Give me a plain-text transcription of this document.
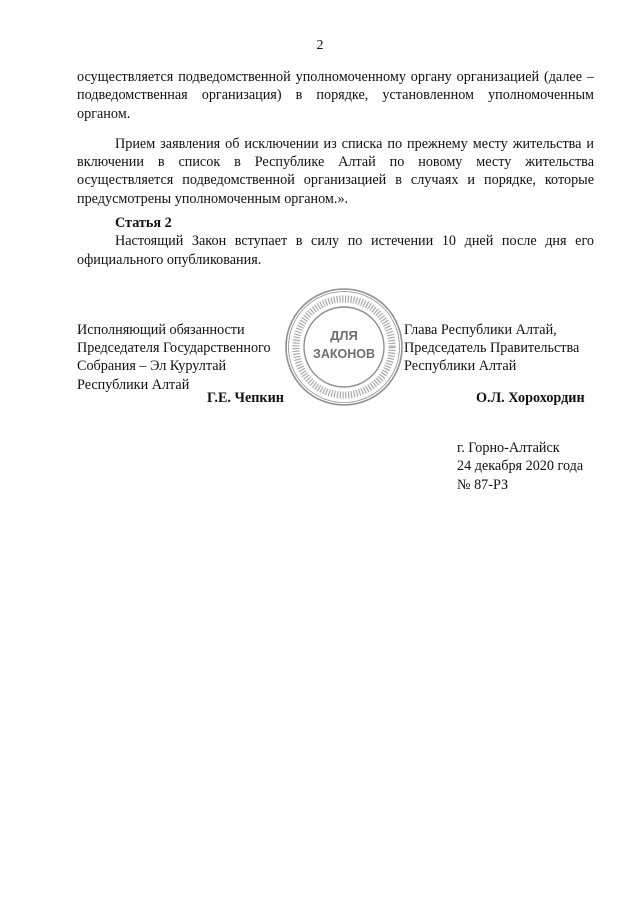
2

осуществляется подведомственной уполномоченному органу организацией (далее – подведомственная организация) в порядке, установленном уполномоченным органом.

Прием заявления об исключении из списка по прежнему месту жительства и включении в список в Республике Алтай по новому месту жительства осуществляется подведомственной организацией в случаях и порядке, которые предусмотрены уполномоченным органом.».

Статья 2

Настоящий Закон вступает в силу по истечении 10 дней после дня его официального опубликования.

Исполняющий обязанности
Председателя Государственного
Собрания – Эл Курултай
Республики Алтай
Г.Е. Чепкин
Глава Республики Алтай,
Председатель Правительства
Республики Алтай
О.Л. Хорохордин
ДЛЯ
ЗАКОНОВ
г. Горно-Алтайск
24 декабря 2020 года
№ 87-РЗ
